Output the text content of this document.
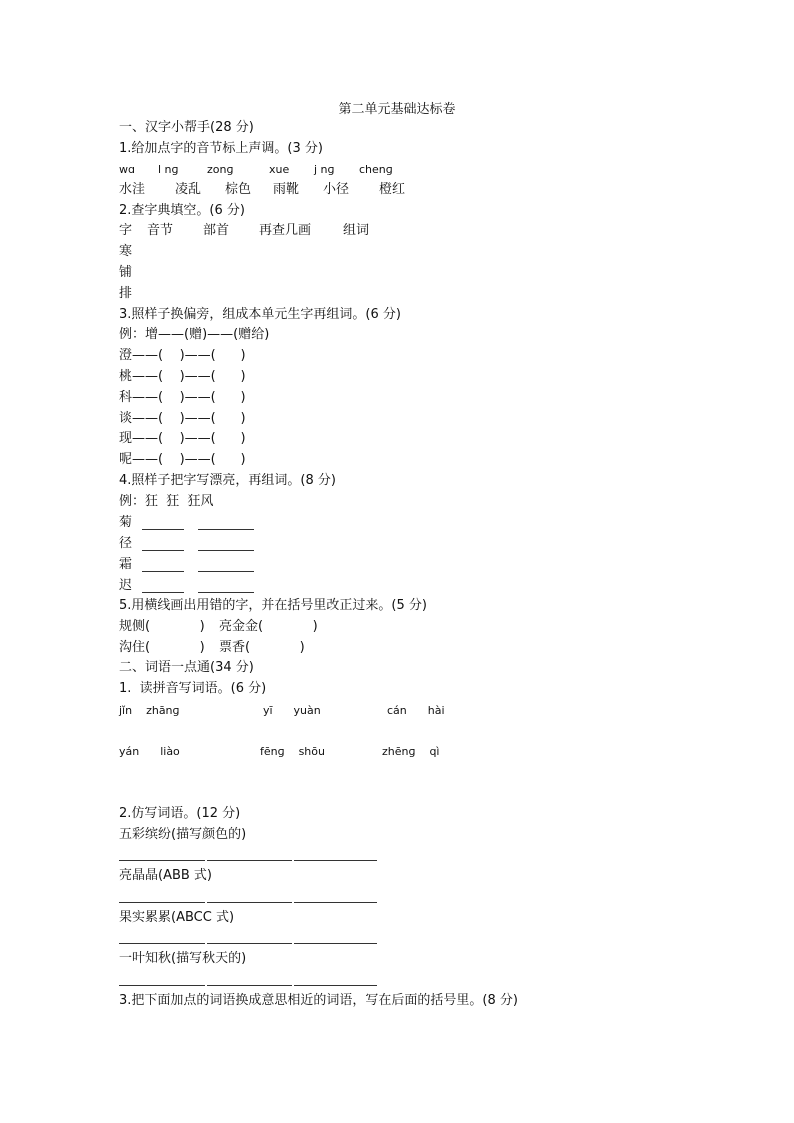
第二单元基础达标卷
一、汉字小帮手(28 分)
1.给加点字的音节标上声调。(3 分)
wɑ l nɡ	zonɡ	xue j nɡ chenɡ
水洼 凌乱 棕色 雨靴 小径 橙红
2.查字典填空。(6 分)
字 音节 部首 再查几画 组词
寒
铺
排
3.照样子换偏旁，组成本单元生字再组词。(6 分)
例：增——(赠)——(赠给)
澄——(    )——(      )
桃——(    )——(      )
科——(    )——(      )
谈——(    )——(      )
现——(    )——(      )
呢——(    )——(      )
4.照样子把字写漂亮，再组词。(8 分)
例：狂  狂  狂风
菊
径
霜
迟
5.用横线画出用错的字，并在括号里改正过来。(5 分)
规侧(            ) 亮金金(            )
沟住(            ) 票香(            )
二、词语一点通(34 分)
1.  读拼音写词语。(6 分)
jǐn    zhānɡ	yī      yuàn	cán      hài
yán      liào	fēnɡ    shōu	zhēnɡ    qì
2.仿写词语。(12 分)
五彩缤纷(描写颜色的)
亮晶晶(ABB 式)
果实累累(ABCC 式)
一叶知秋(描写秋天的)
3.把下面加点的词语换成意思相近的词语，写在后面的括号里。(8 分)
